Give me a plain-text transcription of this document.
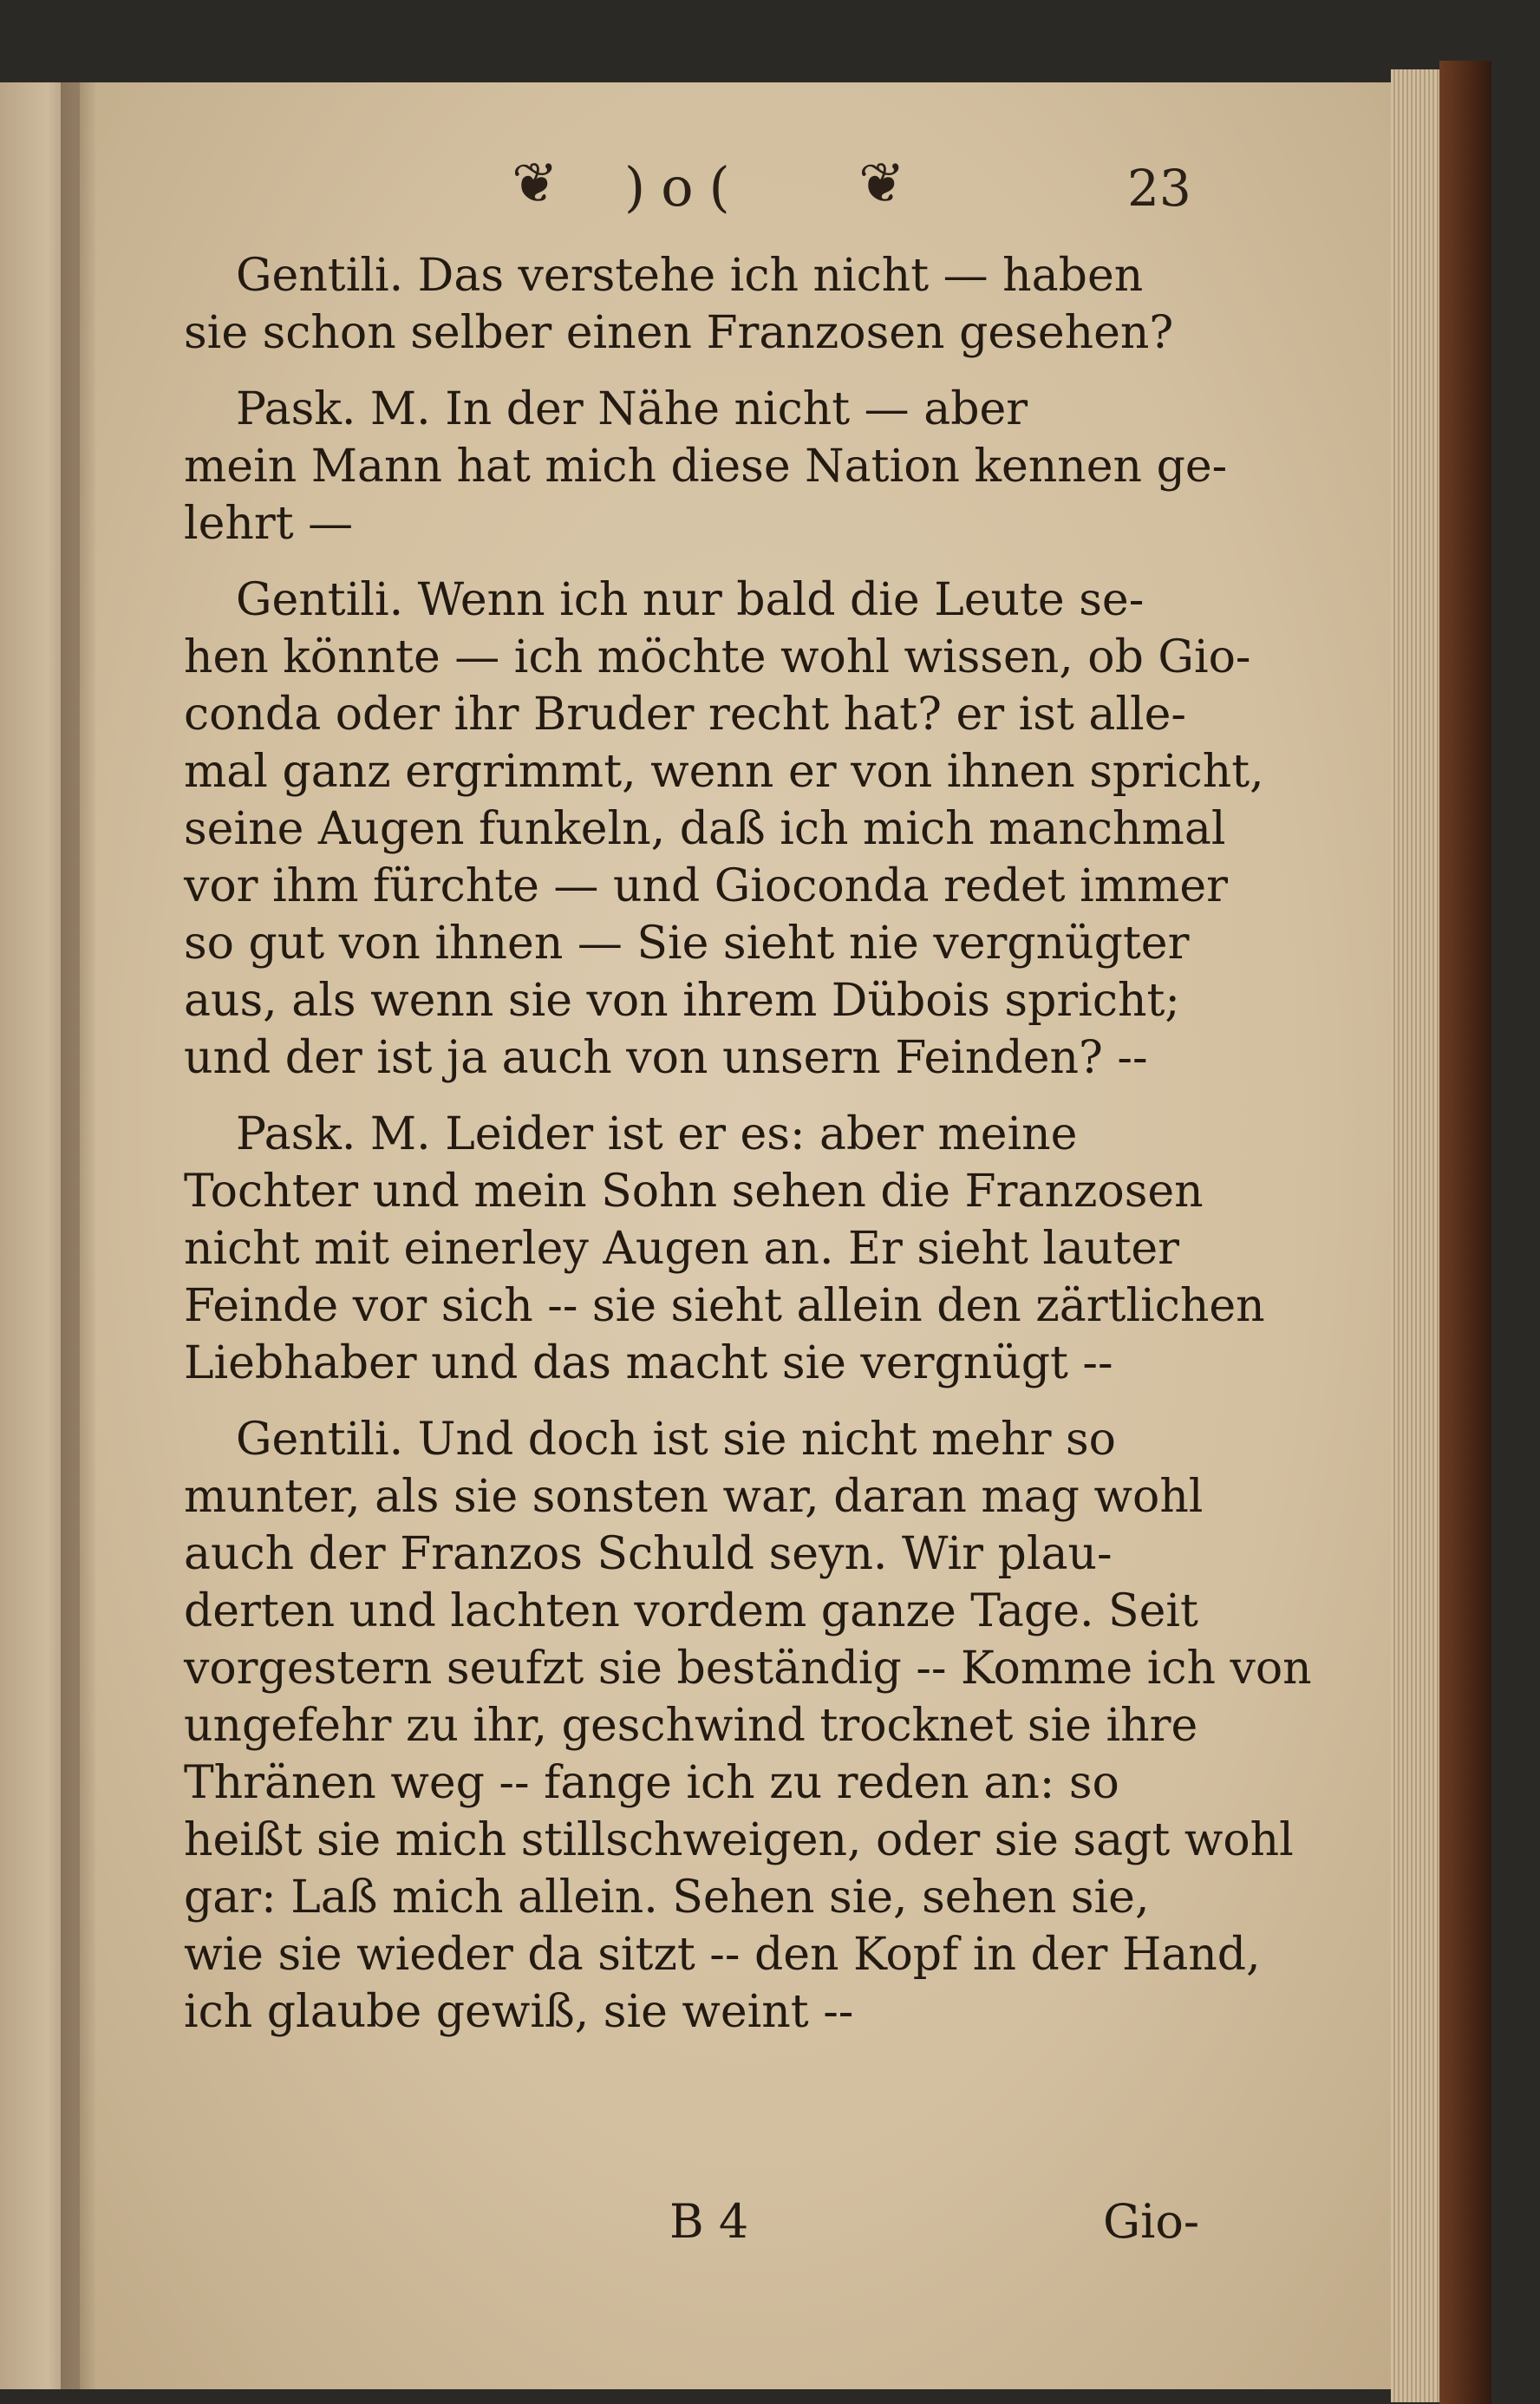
❦ )o( ❦	23
Gentili. Das verstehe ich nicht — haben
sie schon selber einen Franzosen gesehen?
Pask. M. In der Nähe nicht — aber
mein Mann hat mich diese Nation kennen ge-
lehrt —
Gentili. Wenn ich nur bald die Leute se-
hen könnte — ich möchte wohl wissen, ob Gio-
conda oder ihr Bruder recht hat? er ist alle-
mal ganz ergrimmt, wenn er von ihnen spricht,
seine Augen funkeln, daß ich mich manchmal
vor ihm fürchte — und Gioconda redet immer
so gut von ihnen — Sie sieht nie vergnügter
aus, als wenn sie von ihrem Dübois spricht;
und der ist ja auch von unsern Feinden? --
Pask. M. Leider ist er es: aber meine
Tochter und mein Sohn sehen die Franzosen
nicht mit einerley Augen an. Er sieht lauter
Feinde vor sich -- sie sieht allein den zärtlichen
Liebhaber und das macht sie vergnügt --
Gentili. Und doch ist sie nicht mehr so
munter, als sie sonsten war, daran mag wohl
auch der Franzos Schuld seyn. Wir plau-
derten und lachten vordem ganze Tage. Seit
vorgestern seufzt sie beständig -- Komme ich von
ungefehr zu ihr, geschwind trocknet sie ihre
Thränen weg -- fange ich zu reden an: so
heißt sie mich stillschweigen, oder sie sagt wohl
gar: Laß mich allein. Sehen sie, sehen sie,
wie sie wieder da sitzt -- den Kopf in der Hand,
ich glaube gewiß, sie weint --
B 4	Gio-
